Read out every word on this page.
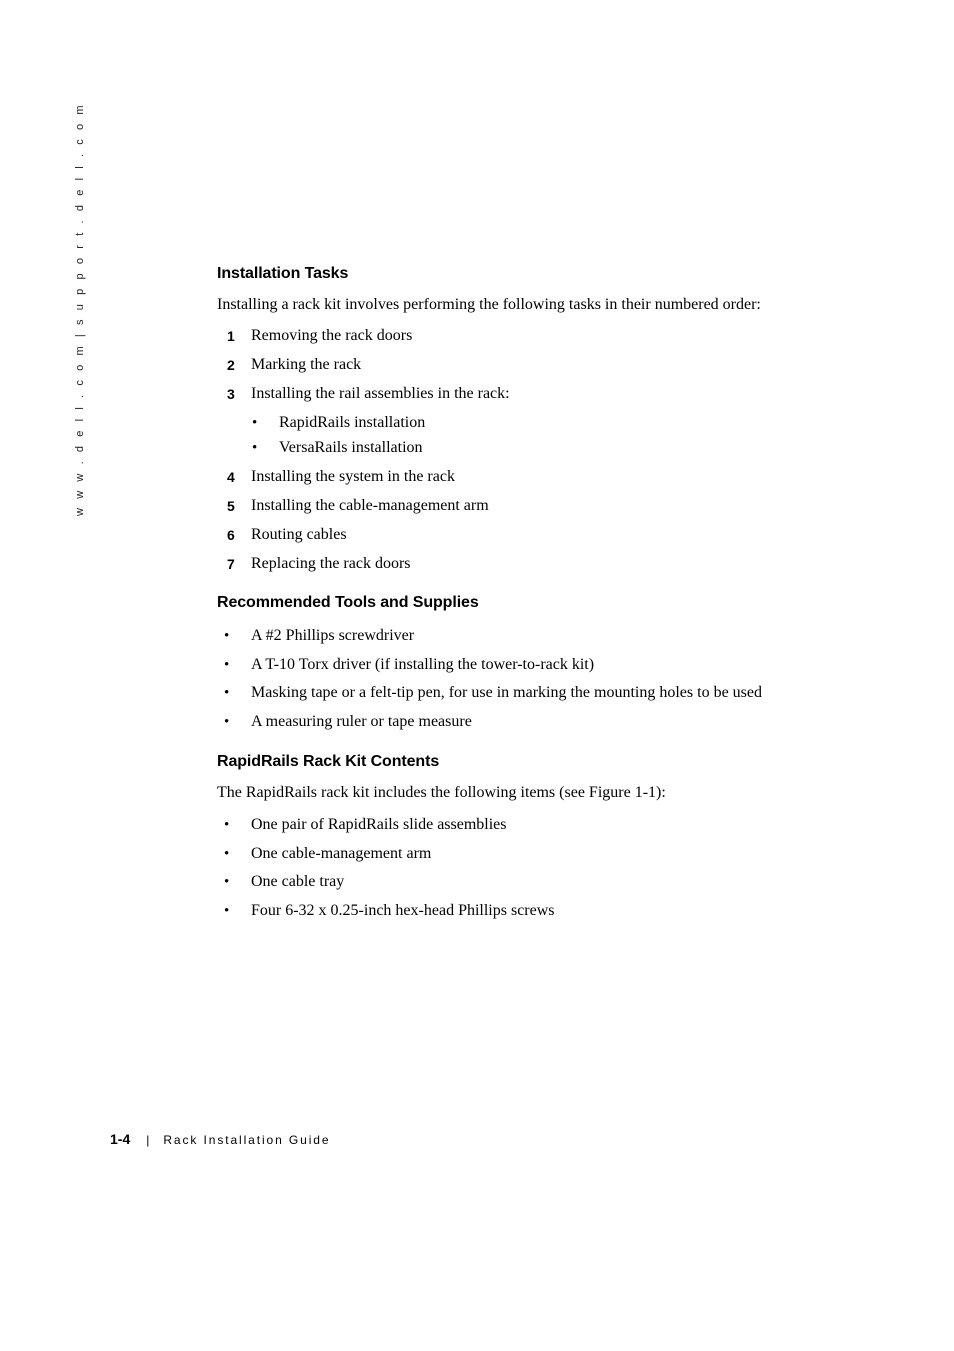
w w w . d e l l . c o m | s u p p o r t . d e l l . c o m	Installation Tasks

Installing a rack kit involves performing the following tasks in their numbered order:

1	Removing the rack doors
2	Marking the rack
3	Installing the rail assemblies in the rack:
• RapidRails installation
• VersaRails installation
4	Installing the system in the rack
5	Installing the cable-management arm
6	Routing cables
7	Replacing the rack doors
Recommended Tools and Supplies
• A #2 Phillips screwdriver
• A T-10 Torx driver (if installing the tower-to-rack kit)
• Masking tape or a felt-tip pen, for use in marking the mounting holes to be used
• A measuring ruler or tape measure
RapidRails Rack Kit Contents

The RapidRails rack kit includes the following items (see Figure 1-1):

• One pair of RapidRails slide assemblies
• One cable-management arm
• One cable tray
• Four 6-32 x 0.25-inch hex-head Phillips screws
1-4 | Rack Installation Guide
